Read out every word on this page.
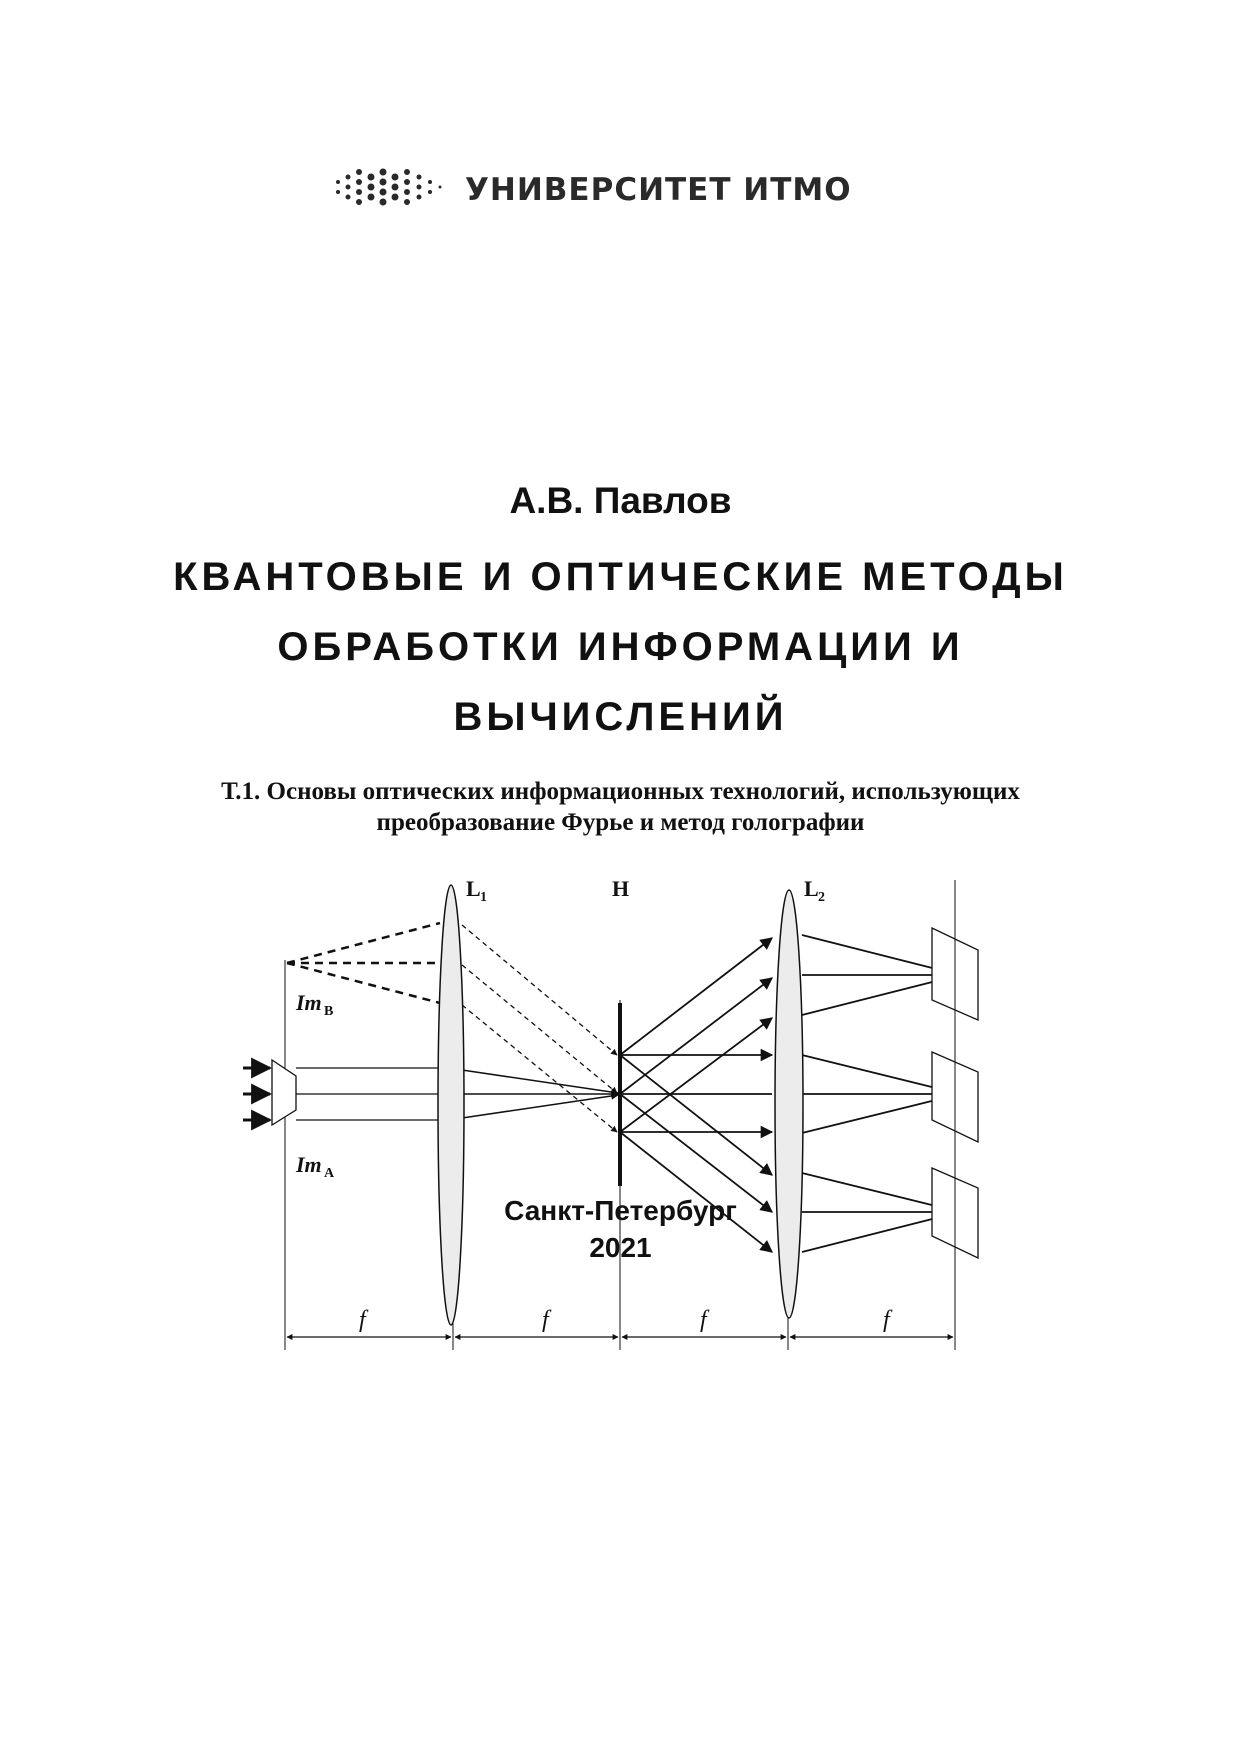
УНИВЕРСИТЕТ ИТМО
А.В. Павлов
КВАНТОВЫЕ И ОПТИЧЕСКИЕ МЕТОДЫ
ОБРАБОТКИ ИНФОРМАЦИИ И
ВЫЧИСЛЕНИЙ
Т.1. Основы оптических информационных технологий, использующих
преобразование Фурье и метод голографии
L 1	H	L 2
Im B
Im A
f	f	f	f
Санкт-Петербург
2021
